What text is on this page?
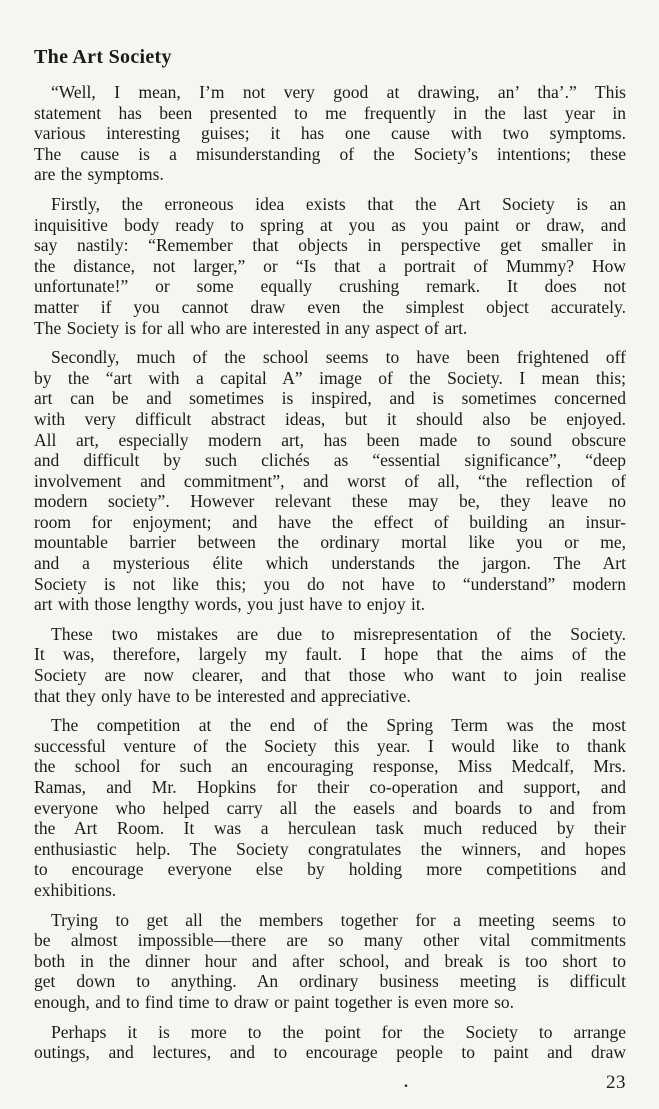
The Art Society
“Well, I mean, I’m not very good at drawing, an’ tha’.” This
statement has been presented to me frequently in the last year in
various interesting guises; it has one cause with two symptoms.
The cause is a misunderstanding of the Society’s intentions; these
are the symptoms.
Firstly, the erroneous idea exists that the Art Society is an
inquisitive body ready to spring at you as you paint or draw, and
say nastily: “Remember that objects in perspective get smaller in
the distance, not larger,” or “Is that a portrait of Mummy? How
unfortunate!” or some equally crushing remark. It does not
matter if you cannot draw even the simplest object accurately.
The Society is for all who are interested in any aspect of art.
Secondly, much of the school seems to have been frightened off
by the “art with a capital A” image of the Society. I mean this;
art can be and sometimes is inspired, and is sometimes concerned
with very difficult abstract ideas, but it should also be enjoyed.
All art, especially modern art, has been made to sound obscure
and difficult by such clichés as “essential significance”, “deep
involvement and commitment”, and worst of all, “the reflection of
modern society”. However relevant these may be, they leave no
room for enjoyment; and have the effect of building an insur-
mountable barrier between the ordinary mortal like you or me,
and a mysterious élite which understands the jargon. The Art
Society is not like this; you do not have to “understand” modern
art with those lengthy words, you just have to enjoy it.
These two mistakes are due to misrepresentation of the Society.
It was, therefore, largely my fault. I hope that the aims of the
Society are now clearer, and that those who want to join realise
that they only have to be interested and appreciative.
The competition at the end of the Spring Term was the most
successful venture of the Society this year. I would like to thank
the school for such an encouraging response, Miss Medcalf, Mrs.
Ramas, and Mr. Hopkins for their co-operation and support, and
everyone who helped carry all the easels and boards to and from
the Art Room. It was a herculean task much reduced by their
enthusiastic help. The Society congratulates the winners, and hopes
to encourage everyone else by holding more competitions and
exhibitions.
Trying to get all the members together for a meeting seems to
be almost impossible—there are so many other vital commitments
both in the dinner hour and after school, and break is too short to
get down to anything. An ordinary business meeting is difficult
enough, and to find time to draw or paint together is even more so.
Perhaps it is more to the point for the Society to arrange
outings, and lectures, and to encourage people to paint and draw
.	23
